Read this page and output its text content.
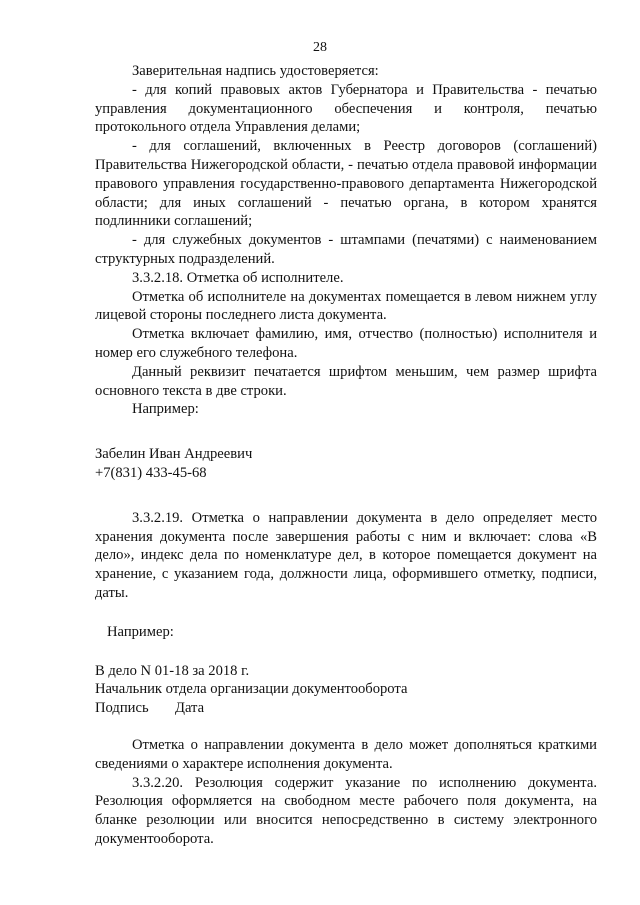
28

Заверительная надпись удостоверяется:

- для копий правовых актов Губернатора и Правительства - печатью управления документационного обеспечения и контроля, печатью протокольного отдела Управления делами;

- для соглашений, включенных в Реестр договоров (соглашений) Правительства Нижегородской области, - печатью отдела правовой информации правового управления государственно-правового департамента Нижегородской области; для иных соглашений - печатью органа, в котором хранятся подлинники соглашений;

- для служебных документов - штампами (печатями) с наименованием структурных подразделений.

3.3.2.18. Отметка об исполнителе.

Отметка об исполнителе на документах помещается в левом нижнем углу лицевой стороны последнего листа документа.

Отметка включает фамилию, имя, отчество (полностью) исполнителя и номер его служебного телефона.

Данный реквизит печатается шрифтом меньшим, чем размер шрифта основного текста в две строки.

Например:

Забелин Иван Андреевич
+7(831) 433-45-68

3.3.2.19. Отметка о направлении документа в дело определяет место хранения документа после завершения работы с ним и включает: слова «В дело», индекс дела по номенклатуре дел, в которое помещается документ на хранение, с указанием года, должности лица, оформившего отметку, подписи, даты.

Например:

В дело N 01-18 за 2018 г.
Начальник отдела организации документооборота
Подпись Дата

Отметка о направлении документа в дело может дополняться краткими сведениями о характере исполнения документа.

3.3.2.20. Резолюция содержит указание по исполнению документа. Резолюция оформляется на свободном месте рабочего поля документа, на бланке резолюции или вносится непосредственно в систему электронного документооборота.
